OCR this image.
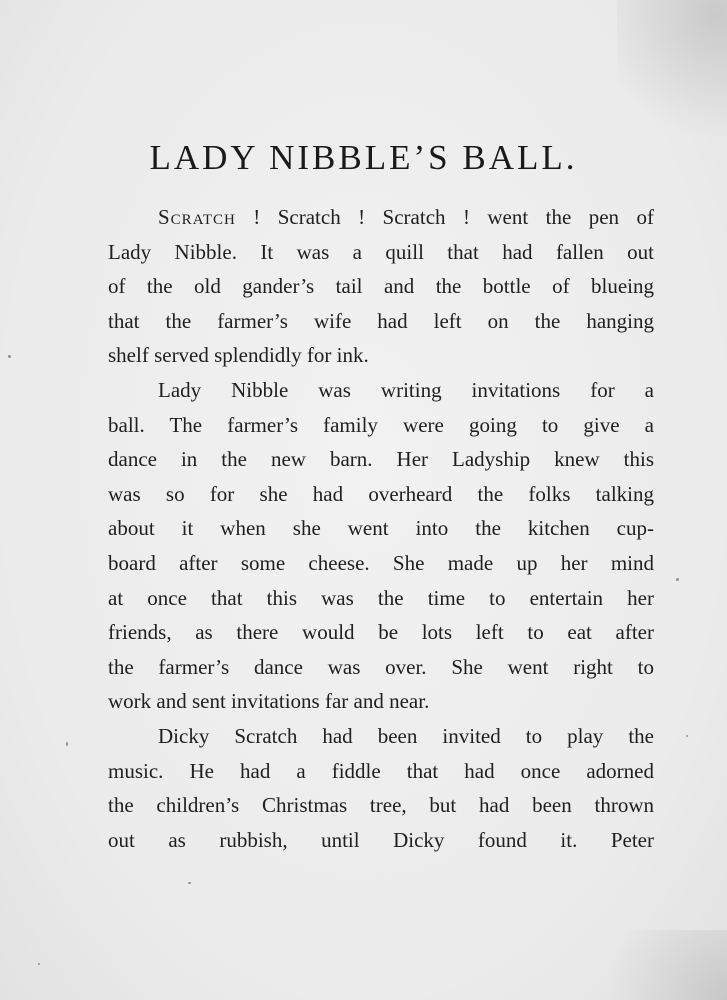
LADY NIBBLE’S BALL.
Scratch ! Scratch ! Scratch ! went the pen of
Lady Nibble. It was a quill that had fallen out
of the old gander’s tail and the bottle of blueing
that the farmer’s wife had left on the hanging
shelf served splendidly for ink.
Lady Nibble was writing invitations for a
ball. The farmer’s family were going to give a
dance in the new barn. Her Ladyship knew this
was so for she had overheard the folks talking
about it when she went into the kitchen cup-
board after some cheese. She made up her mind
at once that this was the time to entertain her
friends, as there would be lots left to eat after
the farmer’s dance was over. She went right to
work and sent invitations far and near.
Dicky Scratch had been invited to play the
music. He had a fiddle that had once adorned
the children’s Christmas tree, but had been thrown
out as rubbish, until Dicky found it. Peter
